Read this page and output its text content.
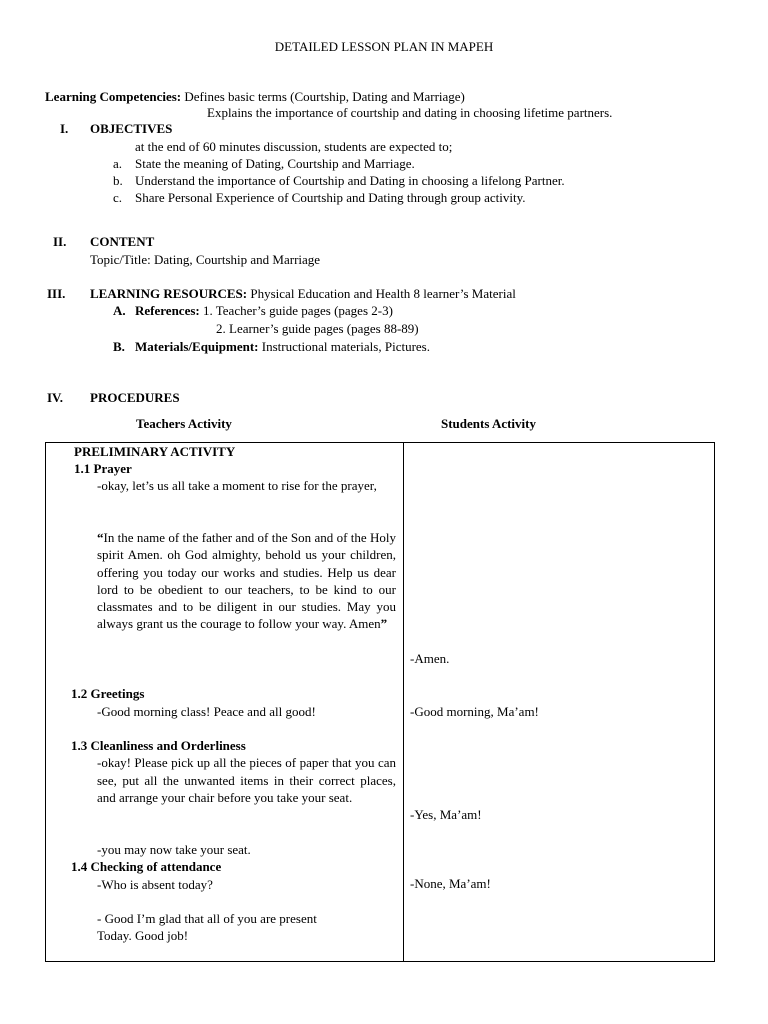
DETAILED LESSON PLAN IN MAPEH
Learning Competencies: Defines basic terms (Courtship, Dating and Marriage)
Explains the importance of courtship and dating in choosing lifetime partners.
I. OBJECTIVES
at the end of 60 minutes discussion, students are expected to;
a. State the meaning of Dating, Courtship and Marriage.
b. Understand the importance of Courtship and Dating in choosing a lifelong Partner.
c. Share Personal Experience of Courtship and Dating through group activity.
II. CONTENT
Topic/Title: Dating, Courtship and Marriage
III. LEARNING RESOURCES: Physical Education and Health 8 learner’s Material
A. References: 1. Teacher’s guide pages (pages 2-3)
2. Learner’s guide pages (pages 88-89)
B. Materials/Equipment: Instructional materials, Pictures.
IV. PROCEDURES
Teachers Activity	Students Activity
PRELIMINARY ACTIVITY
1.1 Prayer
-okay, let’s us all take a moment to rise for the prayer,
“In the name of the father and of the Son and of the Holy spirit Amen. oh God almighty, behold us your children, offering you today our works and studies. Help us dear lord to be obedient to our teachers, to be kind to our classmates and to be diligent in our studies. May you always grant us the courage to follow your way. Amen”
1.2 Greetings
-Good morning class! Peace and all good!
1.3 Cleanliness and Orderliness
-okay! Please pick up all the pieces of paper that you can see, put all the unwanted items in their correct places, and arrange your chair before you take your seat.
-you may now take your seat.
1.4 Checking of attendance
-Who is absent today?
- Good I’m glad that all of you are present
Today. Good job!
-Amen.
-Good morning, Ma’am!
-Yes, Ma’am!
-None, Ma’am!
